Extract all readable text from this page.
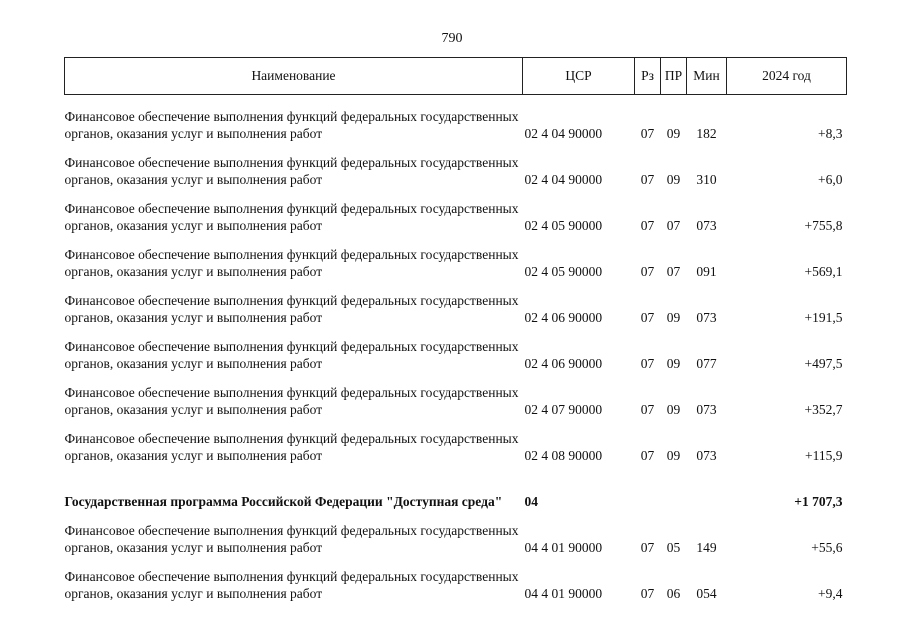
790
Наименование	ЦСР	Рз	ПР	Мин	2024 год

Финансовое обеспечение выполнения функций федеральных государственных органов, оказания услуг и выполнения работ	02 4 04 90000	07	09	182	+8,3

Финансовое обеспечение выполнения функций федеральных государственных органов, оказания услуг и выполнения работ	02 4 04 90000	07	09	310	+6,0

Финансовое обеспечение выполнения функций федеральных государственных органов, оказания услуг и выполнения работ	02 4 05 90000	07	07	073	+755,8

Финансовое обеспечение выполнения функций федеральных государственных органов, оказания услуг и выполнения работ	02 4 05 90000	07	07	091	+569,1

Финансовое обеспечение выполнения функций федеральных государственных органов, оказания услуг и выполнения работ	02 4 06 90000	07	09	073	+191,5

Финансовое обеспечение выполнения функций федеральных государственных органов, оказания услуг и выполнения работ	02 4 06 90000	07	09	077	+497,5

Финансовое обеспечение выполнения функций федеральных государственных органов, оказания услуг и выполнения работ	02 4 07 90000	07	09	073	+352,7

Финансовое обеспечение выполнения функций федеральных государственных органов, оказания услуг и выполнения работ	02 4 08 90000	07	09	073	+115,9

Государственная программа Российской Федерации "Доступная среда"	04				+1 707,3

Финансовое обеспечение выполнения функций федеральных государственных органов, оказания услуг и выполнения работ	04 4 01 90000	07	05	149	+55,6

Финансовое обеспечение выполнения функций федеральных государственных органов, оказания услуг и выполнения работ	04 4 01 90000	07	06	054	+9,4
